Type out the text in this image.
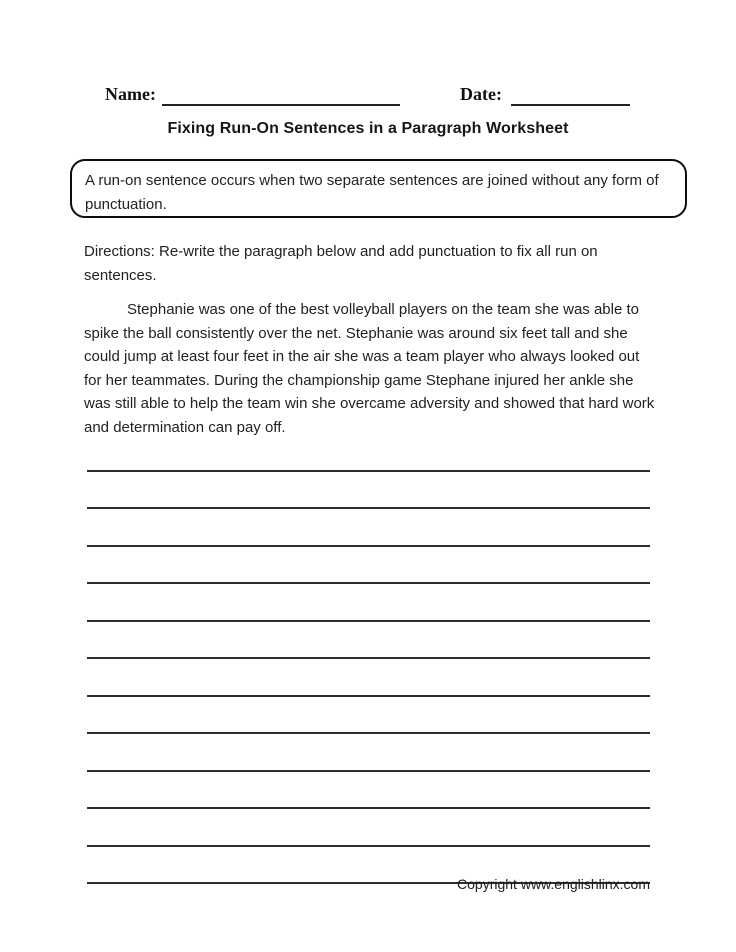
Name:	Date:
Fixing Run-On Sentences in a Paragraph Worksheet
A run-on sentence occurs when two separate sentences are joined without any form of punctuation.
Directions: Re-write the paragraph below and add punctuation to fix all run on sentences.
Stephanie was one of the best volleyball players on the team she was able to spike the ball consistently over the net. Stephanie was around six feet tall and she could jump at least four feet in the air she was a team player who always looked out for her teammates. During the championship game Stephane injured her ankle she was still able to help the team win she overcame adversity and showed that hard work and determination can pay off.
Copyright www.englishlinx.com
